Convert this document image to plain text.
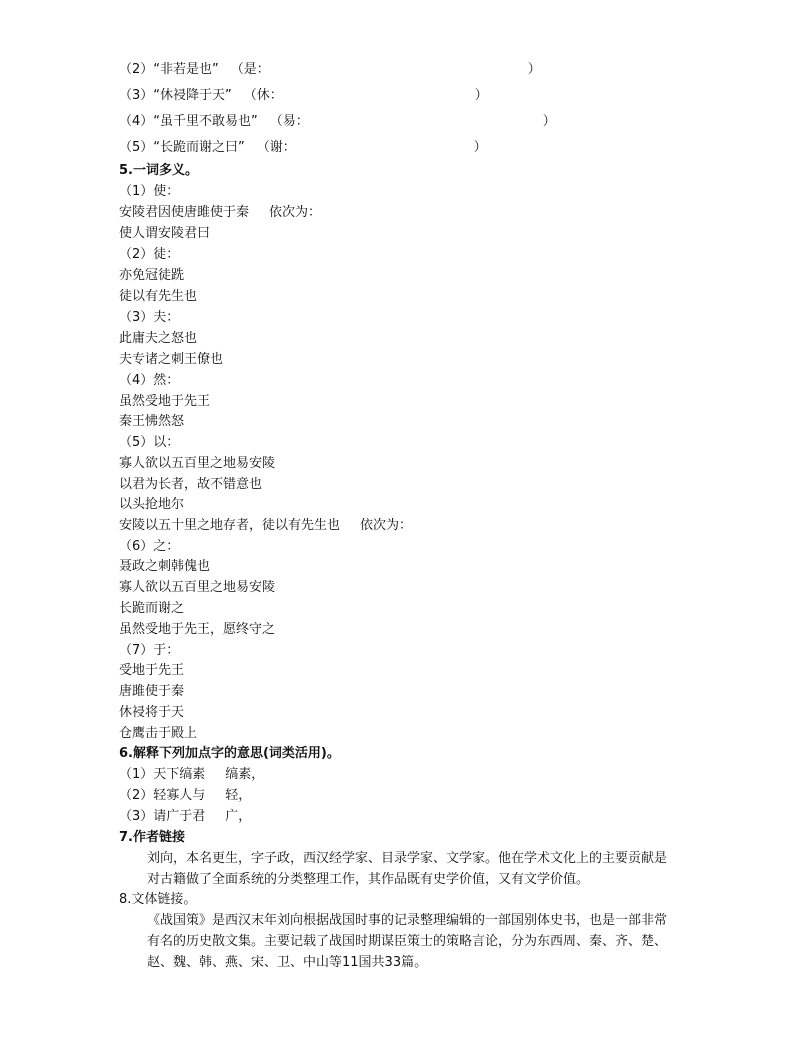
（2）“非若是也” （是：	）
（3）“休祲降于天” （休：	）
（4）“虽千里不敢易也” （易：	）
（5）“长跪而谢之曰” （谢：	）
5.一词多义。
（1）使：
安陵君因使唐雎使于秦 依次为：
使人谓安陵君曰
（2）徒：
亦免冠徒跣
徒以有先生也
（3）夫：
此庸夫之怒也
夫专诸之刺王僚也
（4）然：
虽然受地于先王
秦王怫然怒
（5）以：
寡人欲以五百里之地易安陵
以君为长者，故不错意也
以头抢地尔
安陵以五十里之地存者，徒以有先生也 依次为：
（6）之：
聂政之刺韩傀也
寡人欲以五百里之地易安陵
长跪而谢之
虽然受地于先王，愿终守之
（7）于：
受地于先王
唐雎使于秦
休祲将于天
仓鹰击于殿上
6.解释下列加点字的意思(词类活用)。
（1）天下缟素 缟素，
（2）轻寡人与 轻，
（3）请广于君 广，
7.作者链接
刘向，本名更生，字子政，西汉经学家、目录学家、文学家。他在学术文化上的主要贡献是对古籍做了全面系统的分类整理工作，其作品既有史学价值，又有文学价值。
8.文体链接。
《战国策》是西汉末年刘向根据战国时事的记录整理编辑的一部国别体史书，也是一部非常有名的历史散文集。主要记载了战国时期谋臣策士的策略言论，分为东西周、秦、齐、楚、赵、魏、韩、燕、宋、卫、中山等11国共33篇。
